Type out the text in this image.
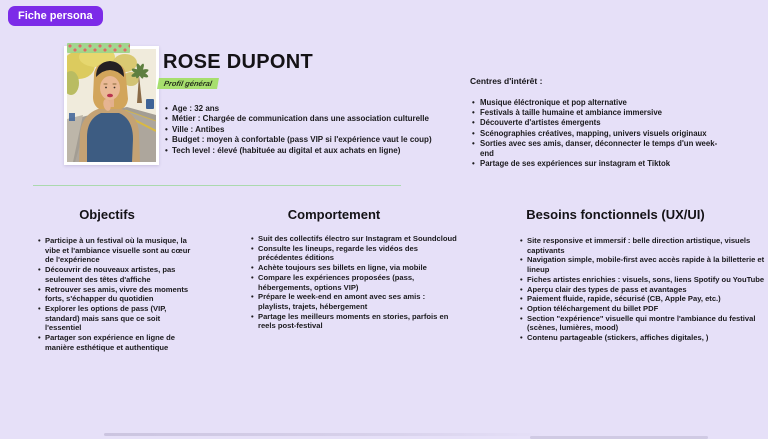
Fiche persona
ROSE DUPONT
Profil général
• Age : 32 ans
• Métier : Chargée de communication dans une association culturelle
• Ville : Antibes
• Budget : moyen à confortable (pass VIP si l'expérience vaut le coup)
• Tech level : élevé (habituée au digital et aux achats en ligne)
Centres d'intérêt :
• Musique éléctronique et pop alternative
• Festivals à taille humaine et ambiance immersive
• Découverte d'artistes émergents
• Scénographies créatives, mapping, univers visuels originaux
• Sorties avec ses amis, danser, déconnecter le temps d'un week-end
• Partage de ses expériences sur instagram et Tiktok
Objectifs
• Participe à un festival où la musique, la vibe et l'ambiance visuelle sont au cœur de l'expérience
• Découvrir de nouveaux artistes, pas seulement des têtes d'affiche
• Retrouver ses amis, vivre des moments forts, s'échapper du quotidien
• Explorer les options de pass (VIP, standard) mais sans que ce soit l'essentiel
• Partager son expérience en ligne de manière esthétique et authentique
Comportement
• Suit des collectifs électro sur Instagram et Soundcloud
• Consulte les lineups, regarde les vidéos des précédentes éditions
• Achète toujours ses billets en ligne, via mobile
• Compare les expériences proposées (pass, hébergements, options VIP)
• Prépare le week-end en amont avec ses amis : playlists, trajets, hébergement
• Partage les meilleurs moments en stories, parfois en reels post-festival
Besoins fonctionnels (UX/UI)
• Site responsive et immersif : belle direction artistique, visuels captivants
• Navigation simple, mobile-first avec accès rapide à la billetterie et lineup
• Fiches artistes enrichies : visuels, sons, liens Spotify ou YouTube
• Aperçu clair des types de pass et avantages
• Paiement fluide, rapide, sécurisé (CB, Apple Pay, etc.)
• Option téléchargement du billet PDF
• Section "expérience" visuelle qui montre l'ambiance du festival (scènes, lumières, mood)
• Contenu partageable (stickers, affiches digitales, )
